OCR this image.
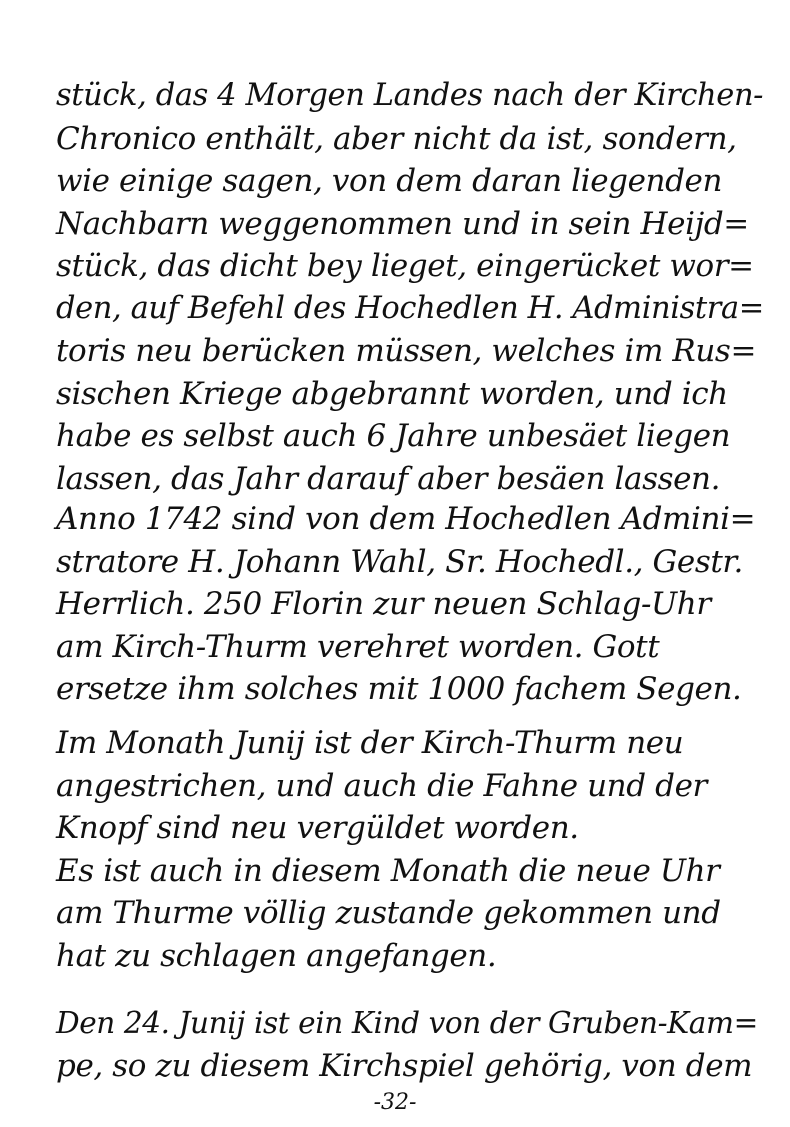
stück, das 4 Morgen Landes nach der Kirchen-
Chronico enthält, aber nicht da ist, sondern,
wie einige sagen, von dem daran liegenden
Nachbarn weggenommen und in sein Heijd=
stück, das dicht bey lieget, eingerücket wor=
den, auf Befehl des Hochedlen H. Administra=
toris neu berücken müssen, welches im Rus=
sischen Kriege abgebrannt worden, und ich
habe es selbst auch 6 Jahre unbesäet liegen
lassen, das Jahr darauf aber besäen lassen.
Anno 1742 sind von dem Hochedlen Admini=
stratore H. Johann Wahl, Sr. Hochedl., Gestr.
Herrlich. 250 Florin zur neuen Schlag-Uhr
am Kirch-Thurm verehret worden. Gott
ersetze ihm solches mit 1000 fachem Segen.
Im Monath Junij ist der Kirch-Thurm neu
angestrichen, und auch die Fahne und der
Knopf sind neu vergüldet worden.
Es ist auch in diesem Monath die neue Uhr
am Thurme völlig zustande gekommen und
hat zu schlagen angefangen.
Den 24. Junij ist ein Kind von der Gruben-Kam=
pe, so zu diesem Kirchspiel gehörig, von dem
-32-
